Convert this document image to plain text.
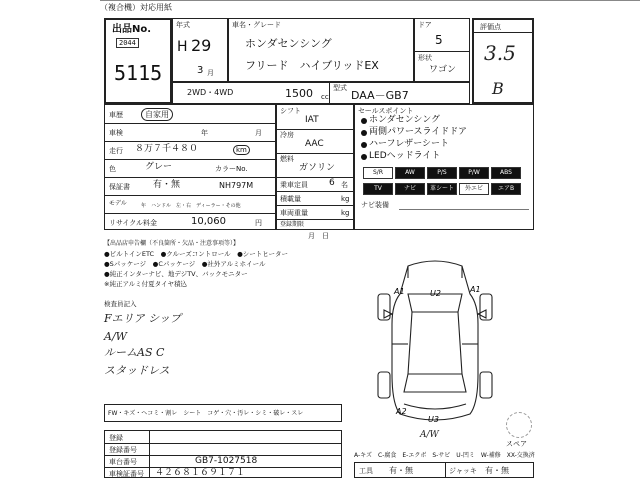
（複合機）対応用紙
出品No.
2044
5115
年式
H 29
3 月
車名・グレード
ホンダセンシング
フリード　ハイブリッドEX
ドア
5
形状
ワゴン
評価点
3.5
B
2WD・4WD	1500 cc
型式
DAA－GB7
車歴	自家用
車検	年	月
走行 ８万７千４８０	km
色	グレー	カラーNo.
保証書	有・無	NH797M
モデル	年　ハンドル　左・右　ディーラー・その他
リサイクル料金	10,060	円
シフト
IAT
冷房
AAC
燃料
ガソリン
乗車定員 6 名
積載量	kg
車両重量	kg
登録期限
月　日
セールスポイント
ホンダセンシング
両側パワースライドドア
ハーフレザーシート
LEDヘッドライト
S/R	AW	P/S	P/W	ABS
TV	ナビ	革シート	外エビ	エアB
ナビ装備
【出品店申告欄（不良箇所・欠品・注意事項等）】
●ビルトインETC　●クルーズコントロール　●シートヒーター
●Sパッケージ　●Cパッケージ　●社外アルミホイール
●純正インターナビ、地デジTV、バックモニター
※純正アルミ付夏タイヤ積込
検査員記入
Fエリア シップ
A/W
ルームAS C
スタッドレス
A1	U2	A1
A2
U3
スペア
A/W
FW・キズ・ヘコミ・割レ　シート　コゲ・穴・汚レ・シミ・破レ・スレ
登録
登録番号
車台番号	GB7-1027518
車検証番号 ４２６８１６９１７１
A-キズ　C-腐食　E-エクボ　S-サビ　U-凹ミ　W-補修　XX-交換済
工具 有・無	ジャッキ 有・無
